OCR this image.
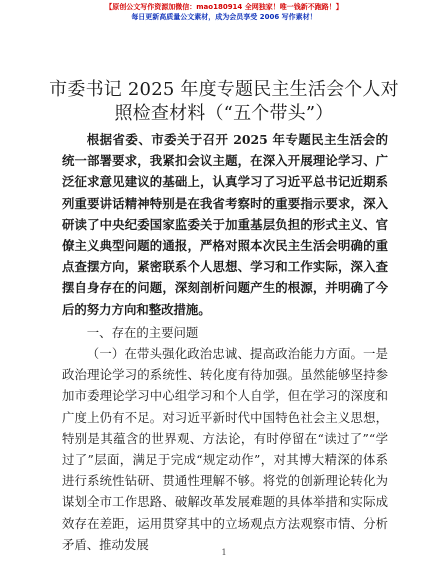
【原创公文写作资源加微信：mao180914 全网独家！唯一钱新不跑路！】
每日更新高质量公文素材，成为会员享受 2006 写作素材！
市委书记 2025 年度专题民主生活会个人对照检查材料（“五个带头”）

根据省委、市委关于召开 2025 年专题民主生活会的统一部署要求，我紧扣会议主题，在深入开展理论学习、广泛征求意见建议的基础上，认真学习了习近平总书记近期系列重要讲话精神特别是在我省考察时的重要指示要求，深入研读了中央纪委国家监委关于加重基层负担的形式主义、官僚主义典型问题的通报，严格对照本次民主生活会明确的重点查摆方向，紧密联系个人思想、学习和工作实际，深入查摆自身存在的问题，深刻剖析问题产生的根源，并明确了今后的努力方向和整改措施。

一、存在的主要问题

（一）在带头强化政治忠诚、提高政治能力方面。一是政治理论学习的系统性、转化度有待加强。虽然能够坚持参加市委理论学习中心组学习和个人自学，但在学习的深度和广度上仍有不足。对习近平新时代中国特色社会主义思想，特别是其蕴含的世界观、方法论，有时停留在“读过了”“学过了”层面，满足于完成“规定动作”，对其博大精深的体系进行系统性钻研、贯通性理解不够。将党的创新理论转化为谋划全市工作思路、破解改革发展难题的具体举措和实际成效存在差距，运用贯穿其中的立场观点方法观察市情、分析矛盾、推动发展

1
